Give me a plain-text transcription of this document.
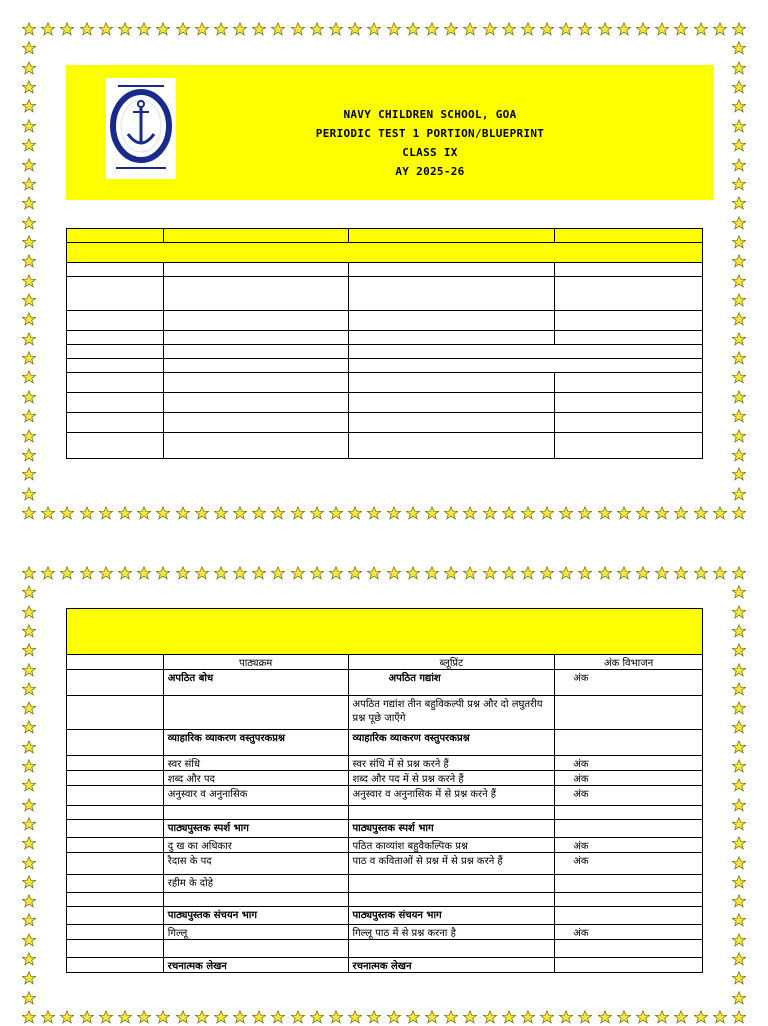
NAVY CHILDREN SCHOOL, GOA
PERIODIC TEST 1 PORTION/BLUEPRINT
CLASS IX
AY 2025-26

	पाठ्यक्रम	ब्लूप्रिंट	अंक विभाजन
	अपठित बोध	अपठित गद्यांश	अंक
		अपठित गद्यांश तीन बहुविकल्पी प्रश्न और दो लघुतरीय प्रश्न पूछे जाएँगे	
	व्याहारिक व्याकरण वस्तुपरकप्रश्न	व्याहारिक व्याकरण वस्तुपरकप्रश्न	
	स्वर संधि	स्वर संधि में से प्रश्न करने हैं	अंक
	शब्द और पद	शब्द और पद में से प्रश्न करने हैं	अंक
	अनुस्वार व अनुनासिक	अनुस्वार व अनुनासिक में से प्रश्न करने हैं	अंक

	पाठ्यपुस्तक स्पर्श भाग	पाठ्यपुस्तक स्पर्श भाग	
	दु ख का अधिकार	पठित काव्यांश बहुवैकल्पिक प्रश्न	अंक
	रैदास के पद	पाठ व कविताओं से प्रश्न में से प्रश्न करने हैं	अंक
	रहीम के दोहे		

	पाठ्यपुस्तक संचयन भाग	पाठ्यपुस्तक संचयन भाग	
	गिल्लू	गिल्लू पाठ में से प्रश्न करना है	अंक

	रचनात्मक लेखन	रचनात्मक लेखन	
